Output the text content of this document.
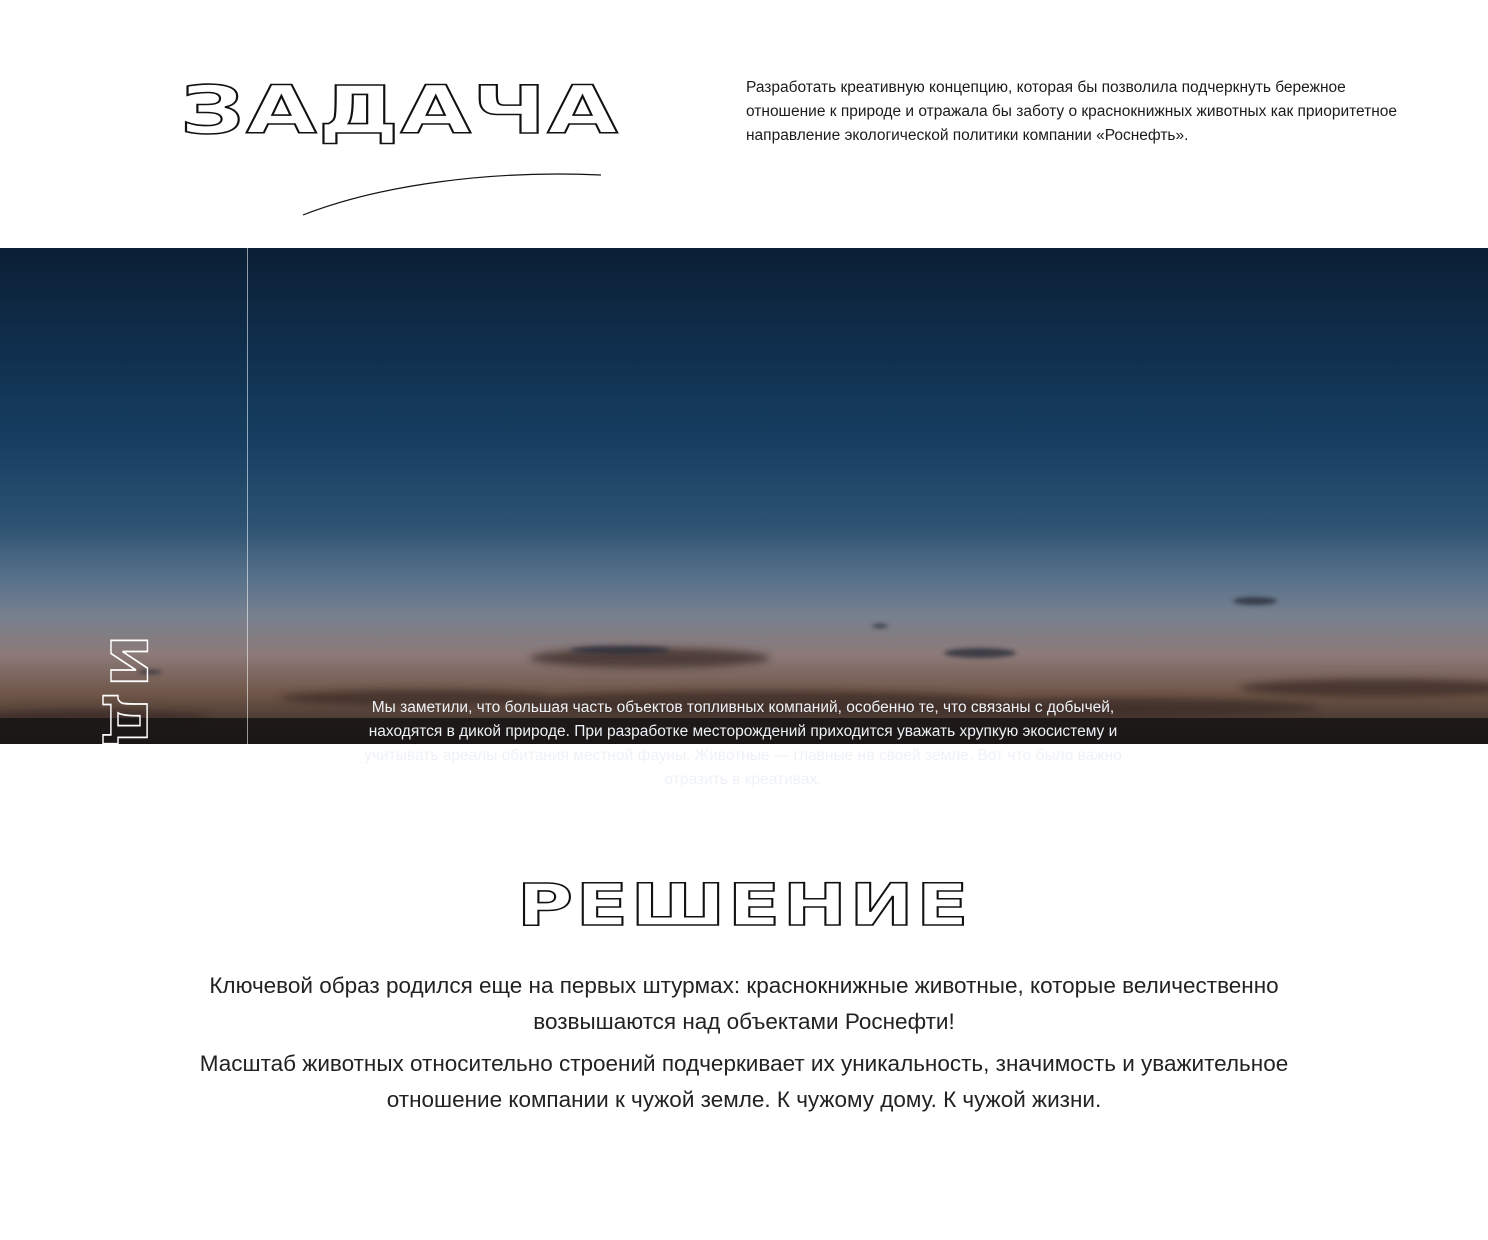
ЗАДАЧА	Разработать креативную концепцию, которая бы позволила подчеркнуть бережное отношение к природе и отражала бы заботу о краснокнижных животных как приоритетное направление экологической политики компании «Роснефть».

ИДЕЯ	Мы заметили, что большая часть объектов топливных компаний, особенно те, что связаны с добычей, находятся в дикой природе. При разработке месторождений приходится уважать хрупкую экосистему и учитывать ареалы обитания местной фауны. Животные — главные на своей земле. Вот что было важно отразить в креативах.

РЕШЕНИЕ

Ключевой образ родился еще на первых штурмах: краснокнижные животные, которые величественно возвышаются над объектами Роснефти!

Масштаб животных относительно строений подчеркивает их уникальность, значимость и уважительное отношение компании к чужой земле. К чужому дому. К чужой жизни.
